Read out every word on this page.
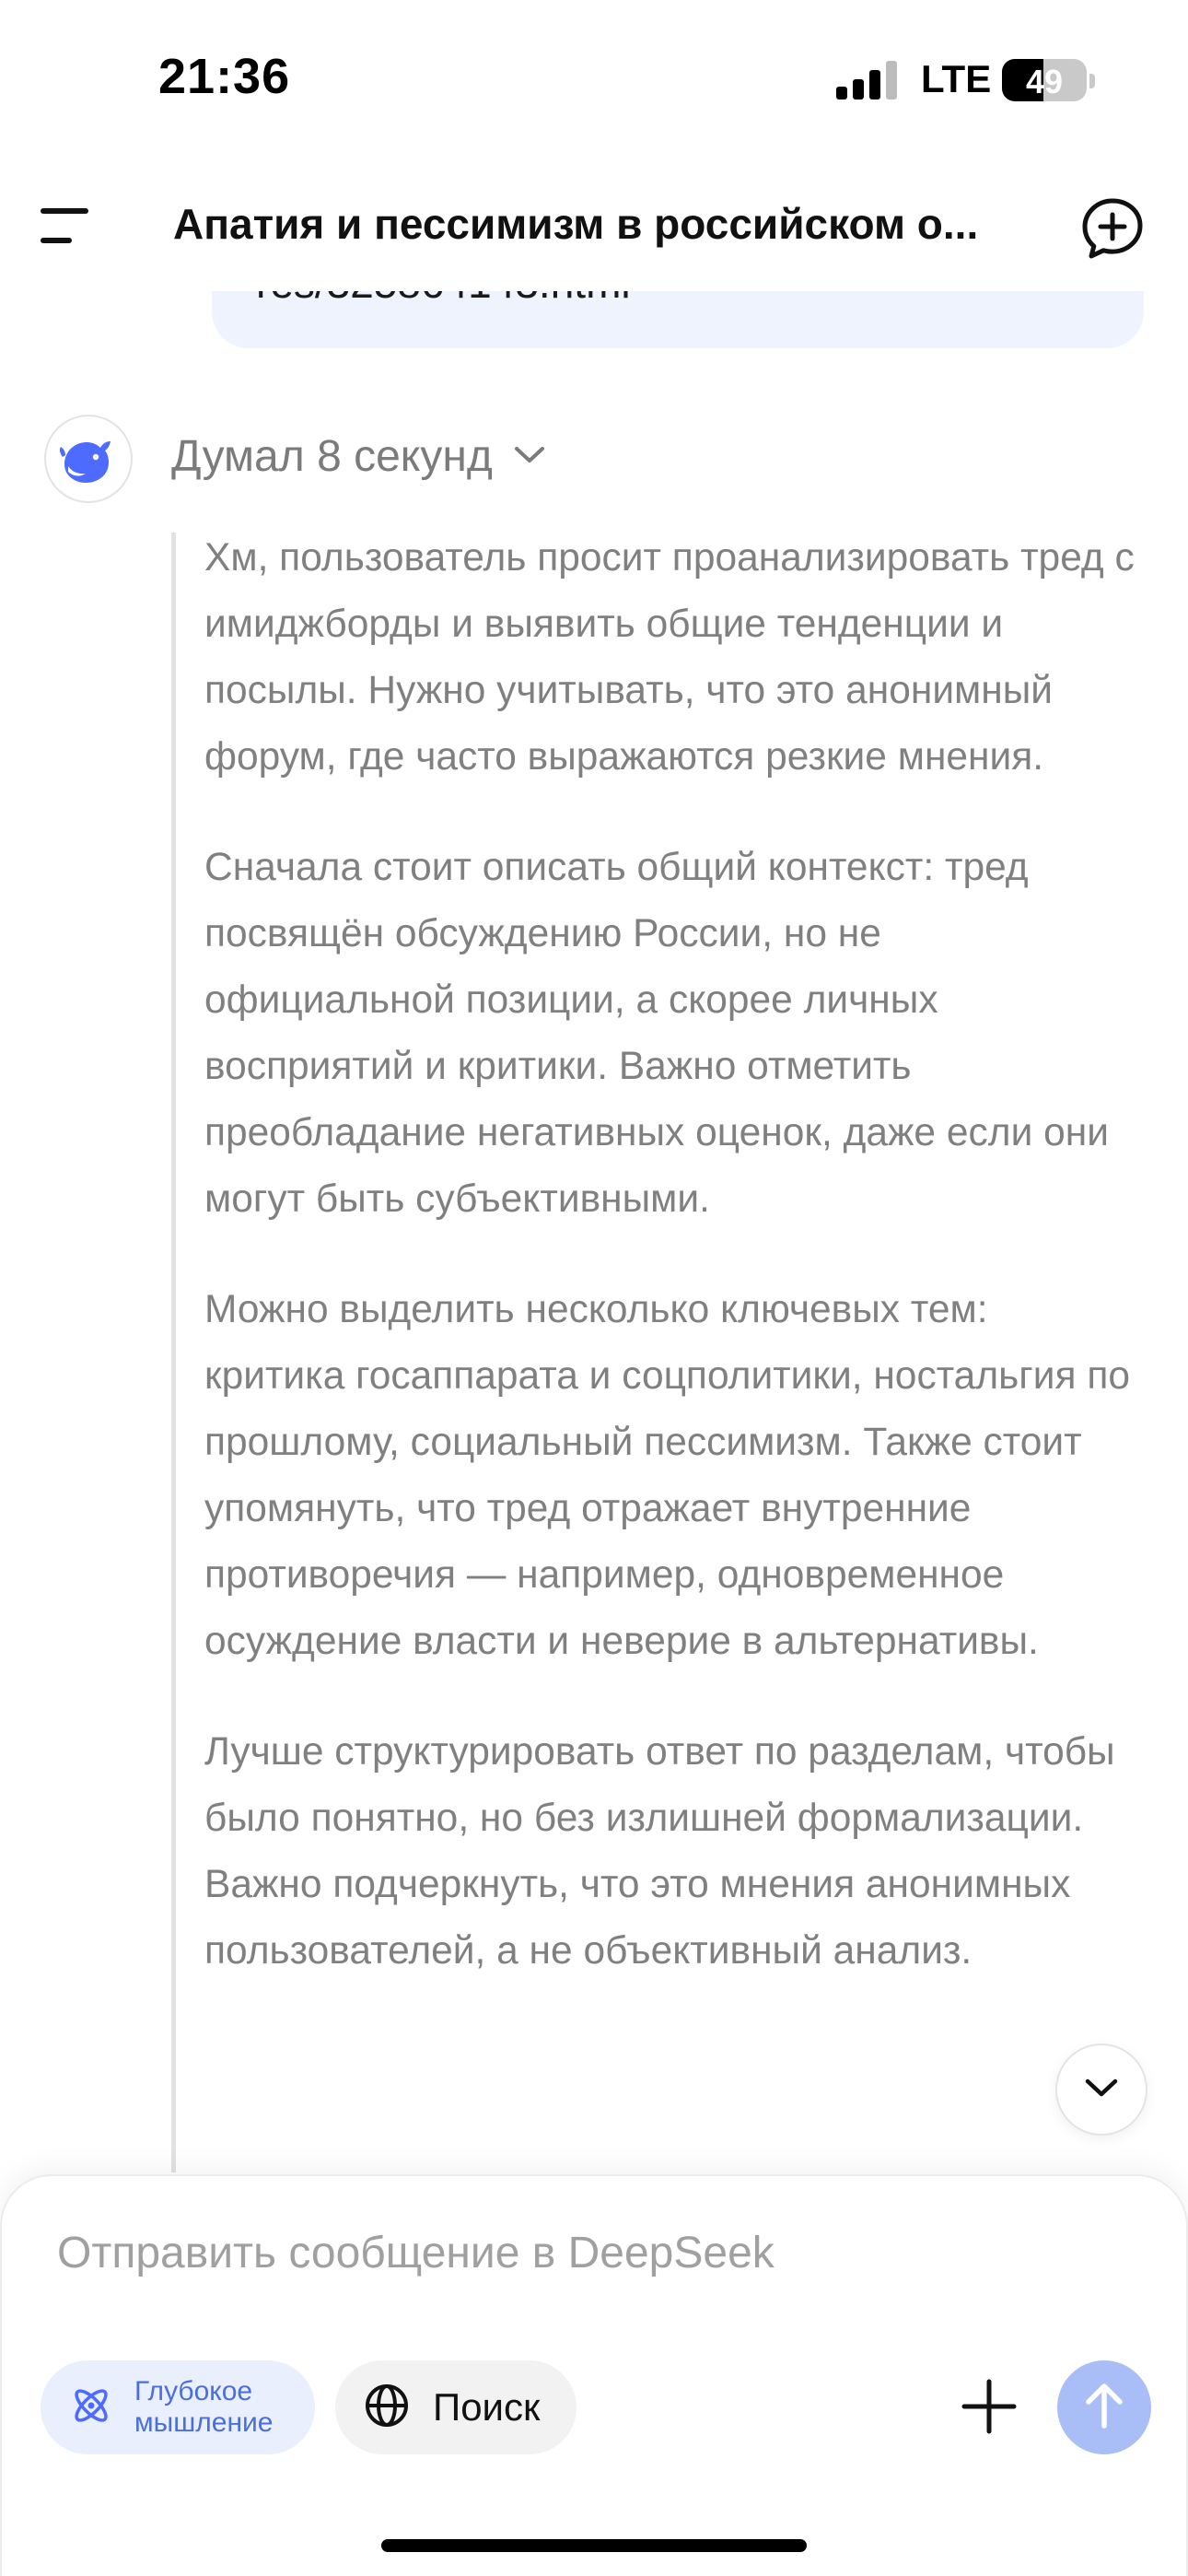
21:36	LTE	49
Апатия и пессимизм в российском о...
Думал 8 секунд

Хм, пользователь просит проанализировать тред с имиджборды и выявить общие тенденции и посылы. Нужно учитывать, что это анонимный форум, где часто выражаются резкие мнения.

Сначала стоит описать общий контекст: тред посвящён обсуждению России, но не официальной позиции, а скорее личных восприятий и критики. Важно отметить преобладание негативных оценок, даже если они могут быть субъективными.

Можно выделить несколько ключевых тем: критика госаппарата и соцполитики, ностальгия по прошлому, социальный пессимизм. Также стоит упомянуть, что тред отражает внутренние противоречия — например, одновременное осуждение власти и неверие в альтернативы.

Лучше структурировать ответ по разделам, чтобы было понятно, но без излишней формализации. Важно подчеркнуть, что это мнения анонимных пользователей, а не объективный анализ.

Отправить сообщение в DeepSeek
Глубокое мышление	Поиск
